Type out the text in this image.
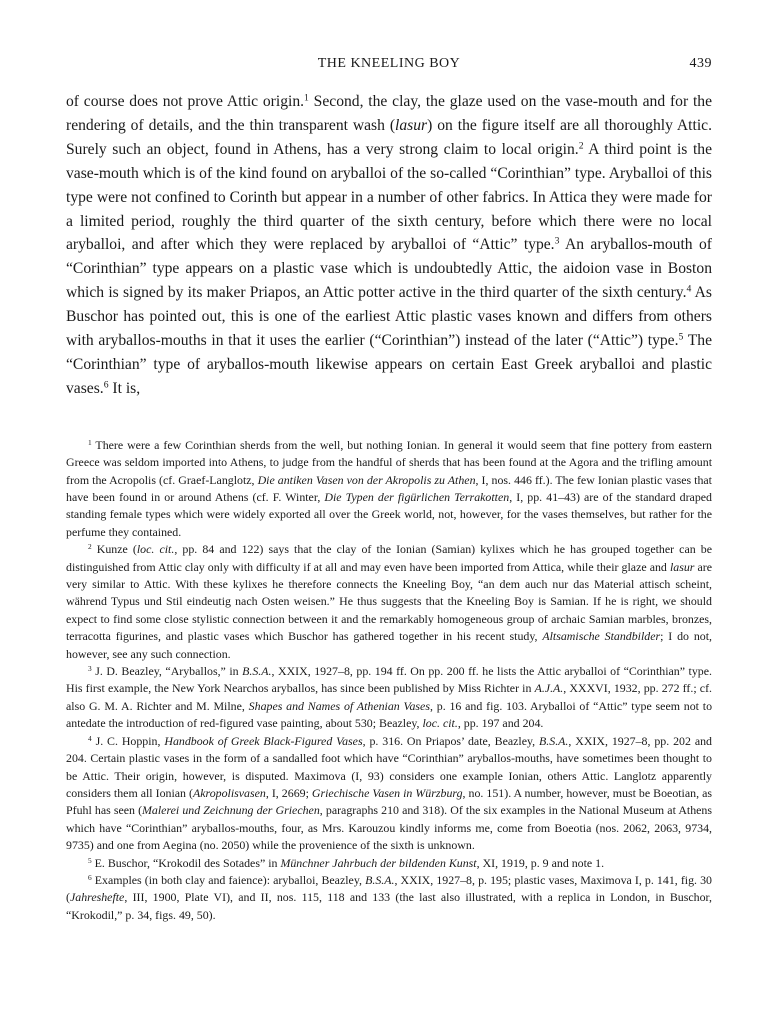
THE KNEELING BOY	439

of course does not prove Attic origin.$^1$ Second, the clay, the glaze used on the vase-mouth and for the rendering of details, and the thin transparent wash (lasur) on the figure itself are all thoroughly Attic. Surely such an object, found in Athens, has a very strong claim to local origin.$^2$ A third point is the vase-mouth which is of the kind found on aryballoi of the so-called “Corinthian” type. Aryballoi of this type were not confined to Corinth but appear in a number of other fabrics. In Attica they were made for a limited period, roughly the third quarter of the sixth century, before which there were no local aryballoi, and after which they were replaced by aryballoi of “Attic” type.$^3$ An aryballos-mouth of “Corinthian” type appears on a plastic vase which is undoubtedly Attic, the aidoion vase in Boston which is signed by its maker Priapos, an Attic potter active in the third quarter of the sixth century.$^4$ As Buschor has pointed out, this is one of the earliest Attic plastic vases known and differs from others with aryballos-mouths in that it uses the earlier (“Corinthian”) instead of the later (“Attic”) type.$^5$ The “Corinthian” type of aryballos-mouth likewise appears on certain East Greek aryballoi and plastic vases.$^6$ It is,

$^1$ There were a few Corinthian sherds from the well, but nothing Ionian. In general it would seem that fine pottery from eastern Greece was seldom imported into Athens, to judge from the handful of sherds that has been found at the Agora and the trifling amount from the Acropolis (cf. Graef-Langlotz, Die antiken Vasen von der Akropolis zu Athen, I, nos. 446 ff.). The few Ionian plastic vases that have been found in or around Athens (cf. F. Winter, Die Typen der figürlichen Terrakotten, I, pp. 41–43) are of the standard draped standing female types which were widely exported all over the Greek world, not, however, for the vases themselves, but rather for the perfume they contained.

$^2$ Kunze (loc. cit., pp. 84 and 122) says that the clay of the Ionian (Samian) kylixes which he has grouped together can be distinguished from Attic clay only with difficulty if at all and may even have been imported from Attica, while their glaze and lasur are very similar to Attic. With these kylixes he therefore connects the Kneeling Boy, “an dem auch nur das Material attisch scheint, während Typus und Stil eindeutig nach Osten weisen.” He thus suggests that the Kneeling Boy is Samian. If he is right, we should expect to find some close stylistic connection between it and the remarkably homogeneous group of archaic Samian marbles, bronzes, terracotta figurines, and plastic vases which Buschor has gathered together in his recent study, Altsamische Standbilder; I do not, however, see any such connection.

$^3$ J. D. Beazley, “Aryballos,” in B.S.A., XXIX, 1927–8, pp. 194 ff. On pp. 200 ff. he lists the Attic aryballoi of “Corinthian” type. His first example, the New York Nearchos aryballos, has since been published by Miss Richter in A.J.A., XXXVI, 1932, pp. 272 ff.; cf. also G. M. A. Richter and M. Milne, Shapes and Names of Athenian Vases, p. 16 and fig. 103. Aryballoi of “Attic” type seem not to antedate the introduction of red-figured vase painting, about 530; Beazley, loc. cit., pp. 197 and 204.

$^4$ J. C. Hoppin, Handbook of Greek Black-Figured Vases, p. 316. On Priapos’ date, Beazley, B.S.A., XXIX, 1927–8, pp. 202 and 204. Certain plastic vases in the form of a sandalled foot which have “Corinthian” aryballos-mouths, have sometimes been thought to be Attic. Their origin, however, is disputed. Maximova (I, 93) considers one example Ionian, others Attic. Langlotz apparently considers them all Ionian (Akropolisvasen, I, 2669; Griechische Vasen in Würzburg, no. 151). A number, however, must be Boeotian, as Pfuhl has seen (Malerei und Zeichnung der Griechen, paragraphs 210 and 318). Of the six examples in the National Museum at Athens which have “Corinthian” aryballos-mouths, four, as Mrs. Karouzou kindly informs me, come from Boeotia (nos. 2062, 2063, 9734, 9735) and one from Aegina (no. 2050) while the provenience of the sixth is unknown.

$^5$ E. Buschor, “Krokodil des Sotades” in Münchner Jahrbuch der bildenden Kunst, XI, 1919, p. 9 and note 1.

$^6$ Examples (in both clay and faience): aryballoi, Beazley, B.S.A., XXIX, 1927–8, p. 195; plastic vases, Maximova I, p. 141, fig. 30 (Jahreshefte, III, 1900, Plate VI), and II, nos. 115, 118 and 133 (the last also illustrated, with a replica in London, in Buschor, “Krokodil,” p. 34, figs. 49, 50).
